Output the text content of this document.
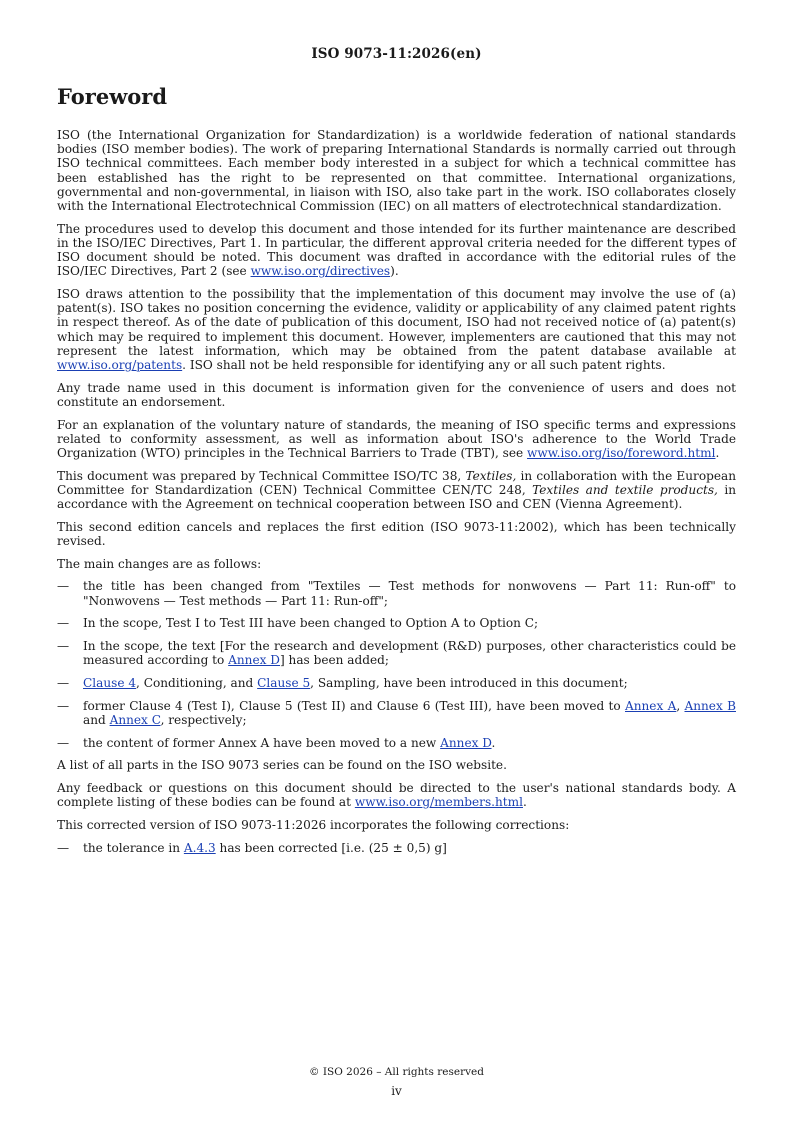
ISO 9073-11:2026(en)
Foreword

ISO (the International Organization for Standardization) is a worldwide federation of national standards bodies (ISO member bodies). The work of preparing International Standards is normally carried out through ISO technical committees. Each member body interested in a subject for which a technical committee has been established has the right to be represented on that committee. International organizations, governmental and non-governmental, in liaison with ISO, also take part in the work. ISO collaborates closely with the International Electrotechnical Commission (IEC) on all matters of electrotechnical standardization.

The procedures used to develop this document and those intended for its further maintenance are described in the ISO/IEC Directives, Part 1. In particular, the different approval criteria needed for the different types of ISO document should be noted. This document was drafted in accordance with the editorial rules of the ISO/IEC Directives, Part 2 (see www.iso.org/directives).

ISO draws attention to the possibility that the implementation of this document may involve the use of (a) patent(s). ISO takes no position concerning the evidence, validity or applicability of any claimed patent rights in respect thereof. As of the date of publication of this document, ISO had not received notice of (a) patent(s) which may be required to implement this document. However, implementers are cautioned that this may not represent the latest information, which may be obtained from the patent database available at www.iso.org/patents. ISO shall not be held responsible for identifying any or all such patent rights.

Any trade name used in this document is information given for the convenience of users and does not constitute an endorsement.

For an explanation of the voluntary nature of standards, the meaning of ISO specific terms and expressions related to conformity assessment, as well as information about ISO's adherence to the World Trade Organization (WTO) principles in the Technical Barriers to Trade (TBT), see www.iso.org/iso/foreword.html.

This document was prepared by Technical Committee ISO/TC 38, Textiles, in collaboration with the European Committee for Standardization (CEN) Technical Committee CEN/TC 248, Textiles and textile products, in accordance with the Agreement on technical cooperation between ISO and CEN (Vienna Agreement).

This second edition cancels and replaces the first edition (ISO 9073-11:2002), which has been technically revised.

The main changes are as follows:

— the title has been changed from "Textiles — Test methods for nonwovens — Part 11: Run-off" to "Nonwovens — Test methods — Part 11: Run-off";
— In the scope, Test I to Test III have been changed to Option A to Option C;
— In the scope, the text [For the research and development (R&D) purposes, other characteristics could be measured according to Annex D] has been added;
— Clause 4, Conditioning, and Clause 5, Sampling, have been introduced in this document;
— former Clause 4 (Test I), Clause 5 (Test II) and Clause 6 (Test III), have been moved to Annex A, Annex B and Annex C, respectively;
— the content of former Annex A have been moved to a new Annex D.

A list of all parts in the ISO 9073 series can be found on the ISO website.

Any feedback or questions on this document should be directed to the user's national standards body. A complete listing of these bodies can be found at www.iso.org/members.html.

This corrected version of ISO 9073-11:2026 incorporates the following corrections:

— the tolerance in A.4.3 has been corrected [i.e. (25 ± 0,5) g]
© ISO 2026 – All rights reserved
iv
